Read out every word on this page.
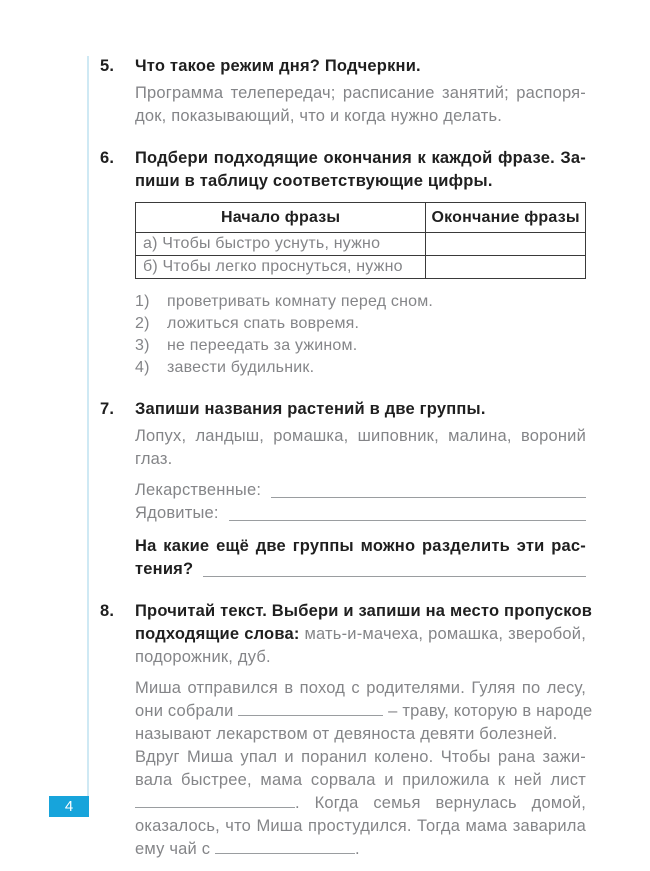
4
5.	Что такое режим дня? Подчеркни.
Программа телепередач; расписание занятий; распоря-
док, показывающий, что и когда нужно делать.
6.	Подбери подходящие окончания к каждой фразе. За-
пиши в таблицу соответствующие цифры.
Начало фразы	Окончание фразы
а) Чтобы быстро уснуть, нужно	
б) Чтобы легко проснуться, нужно	
1)	проветривать комнату перед сном.
2)	ложиться спать вовремя.
3)	не переедать за ужином.
4)	завести будильник.
7.	Запиши названия растений в две группы.
Лопух, ландыш, ромашка, шиповник, малина, вороний
глаз.
Лекарственные:
Ядовитые:
На какие ещё две группы можно разделить эти рас-
тения?
8.	Прочитай текст. Выбери и запиши на место пропусков
подходящие слова: мать-и-мачеха, ромашка, зверобой,
подорожник, дуб.
Миша отправился в поход с родителями. Гуляя по лесу,
они собрали	– траву, которую в народе
называют лекарством от девяноста девяти болезней.
Вдруг Миша упал и поранил колено. Чтобы рана зажи-
вала быстрее, мама сорвала и приложила к ней лист
. Когда семья вернулась домой,
оказалось, что Миша простудился. Тогда мама заварила
ему чай с	.
